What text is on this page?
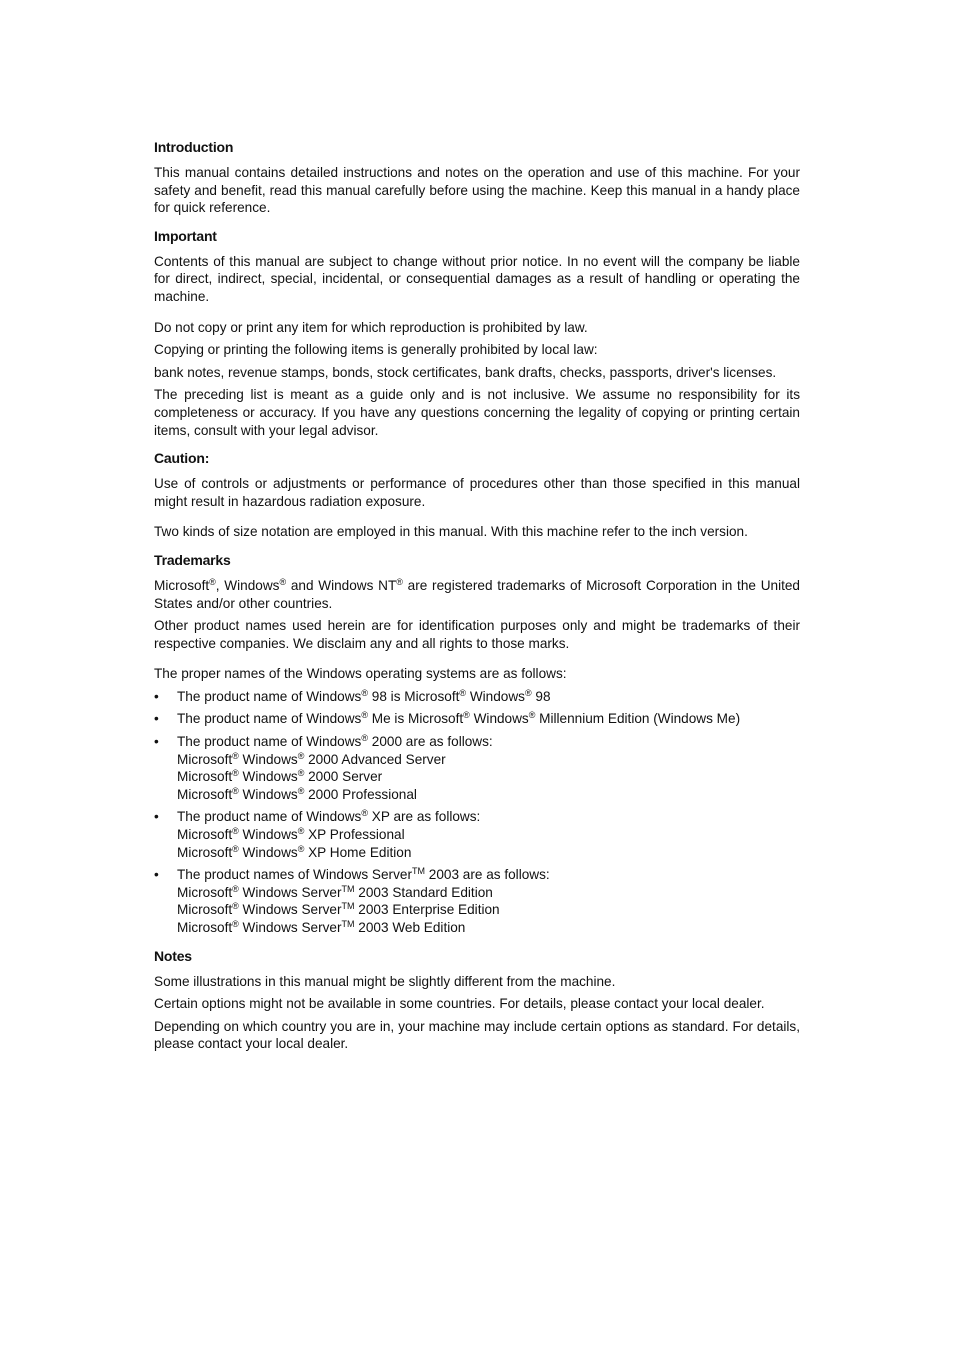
Introduction

This manual contains detailed instructions and notes on the operation and use of this machine. For your safety and benefit, read this manual carefully before using the machine. Keep this manual in a handy place for quick reference.

Important

Contents of this manual are subject to change without prior notice. In no event will the company be liable for direct, indirect, special, incidental, or consequential damages as a result of handling or operating the machine.

Do not copy or print any item for which reproduction is prohibited by law.

Copying or printing the following items is generally prohibited by local law:

bank notes, revenue stamps, bonds, stock certificates, bank drafts, checks, passports, driver's licenses.

The preceding list is meant as a guide only and is not inclusive. We assume no responsibility for its completeness or accuracy. If you have any questions concerning the legality of copying or printing certain items, consult with your legal advisor.

Caution:

Use of controls or adjustments or performance of procedures other than those specified in this manual might result in hazardous radiation exposure.

Two kinds of size notation are employed in this manual. With this machine refer to the inch version.

Trademarks

Microsoft®, Windows® and Windows NT® are registered trademarks of Microsoft Corporation in the United States and/or other countries.

Other product names used herein are for identification purposes only and might be trademarks of their respective companies. We disclaim any and all rights to those marks.

The proper names of the Windows operating systems are as follows:

• The product name of Windows® 98 is Microsoft® Windows® 98
• The product name of Windows® Me is Microsoft® Windows® Millennium Edition (Windows Me)
• The product name of Windows® 2000 are as follows:
Microsoft® Windows® 2000 Advanced Server
Microsoft® Windows® 2000 Server
Microsoft® Windows® 2000 Professional
• The product name of Windows® XP are as follows:
Microsoft® Windows® XP Professional
Microsoft® Windows® XP Home Edition
• The product names of Windows Server™ 2003 are as follows:
Microsoft® Windows Server™ 2003 Standard Edition
Microsoft® Windows Server™ 2003 Enterprise Edition
Microsoft® Windows Server™ 2003 Web Edition
Notes

Some illustrations in this manual might be slightly different from the machine.

Certain options might not be available in some countries. For details, please contact your local dealer.

Depending on which country you are in, your machine may include certain options as standard. For details, please contact your local dealer.
